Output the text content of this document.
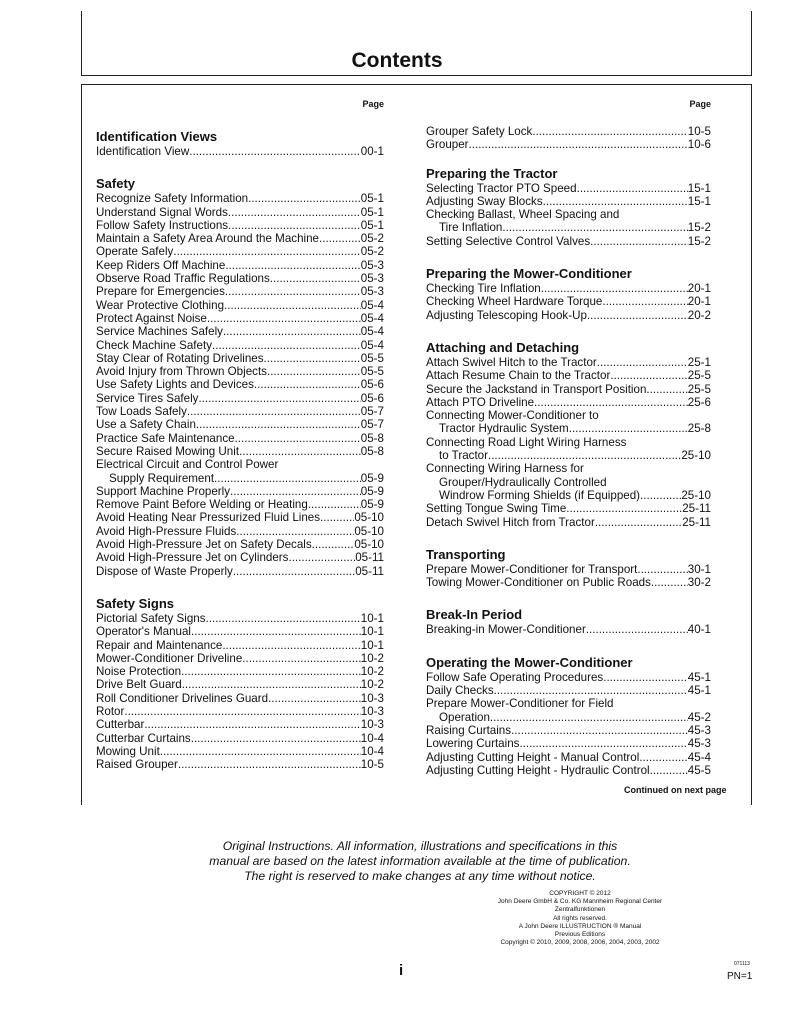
Contents
Page
Identification Views
Identification View .....	00-1
Safety
Recognize Safety Information .....	05-1
Understand Signal Words .....	05-1
Follow Safety Instructions .....	05-1
Maintain a Safety Area Around the Machine .....	05-2
Operate Safely .....	05-2
Keep Riders Off Machine .....	05-3
Observe Road Traffic Regulations .....	05-3
Prepare for Emergencies .....	05-3
Wear Protective Clothing .....	05-4
Protect Against Noise .....	05-4
Service Machines Safely .....	05-4
Check Machine Safety .....	05-4
Stay Clear of Rotating Drivelines .....	05-5
Avoid Injury from Thrown Objects .....	05-5
Use Safety Lights and Devices .....	05-6
Service Tires Safely .....	05-6
Tow Loads Safely .....	05-7
Use a Safety Chain .....	05-7
Practice Safe Maintenance .....	05-8
Secure Raised Mowing Unit .....	05-8
Electrical Circuit and Control Power
Supply Requirement .....	05-9
Support Machine Properly .....	05-9
Remove Paint Before Welding or Heating .....	05-9
Avoid Heating Near Pressurized Fluid Lines .....	05-10
Avoid High-Pressure Fluids .....	05-10
Avoid High-Pressure Jet on Safety Decals .....	05-10
Avoid High-Pressure Jet on Cylinders .....	05-11
Dispose of Waste Properly .....	05-11
Safety Signs
Pictorial Safety Signs .....	10-1
Operator's Manual .....	10-1
Repair and Maintenance .....	10-1
Mower-Conditioner Driveline .....	10-2
Noise Protection .....	10-2
Drive Belt Guard .....	10-2
Roll Conditioner Drivelines Guard .....	10-3
Rotor .....	10-3
Cutterbar .....	10-3
Cutterbar Curtains .....	10-4
Mowing Unit .....	10-4
Raised Grouper .....	10-5
Page
Grouper Safety Lock .....	10-5
Grouper .....	10-6
Preparing the Tractor
Selecting Tractor PTO Speed .....	15-1
Adjusting Sway Blocks .....	15-1
Checking Ballast, Wheel Spacing and
Tire Inflation .....	15-2
Setting Selective Control Valves .....	15-2
Preparing the Mower-Conditioner
Checking Tire Inflation .....	20-1
Checking Wheel Hardware Torque .....	20-1
Adjusting Telescoping Hook-Up .....	20-2
Attaching and Detaching
Attach Swivel Hitch to the Tractor .....	25-1
Attach Resume Chain to the Tractor .....	25-5
Secure the Jackstand in Transport Position .....	25-5
Attach PTO Driveline .....	25-6
Connecting Mower-Conditioner to
Tractor Hydraulic System .....	25-8
Connecting Road Light Wiring Harness
to Tractor .....	25-10
Connecting Wiring Harness for
Grouper/Hydraulically Controlled
Windrow Forming Shields (if Equipped) .....	25-10
Setting Tongue Swing Time .....	25-11
Detach Swivel Hitch from Tractor .....	25-11
Transporting
Prepare Mower-Conditioner for Transport .....	30-1
Towing Mower-Conditioner on Public Roads .....	30-2
Break-In Period
Breaking-in Mower-Conditioner .....	40-1
Operating the Mower-Conditioner
Follow Safe Operating Procedures .....	45-1
Daily Checks .....	45-1
Prepare Mower-Conditioner for Field
Operation .....	45-2
Raising Curtains .....	45-3
Lowering Curtains .....	45-3
Adjusting Cutting Height - Manual Control .....	45-4
Adjusting Cutting Height - Hydraulic Control .....	45-5
Continued on next page
Original Instructions. All information, illustrations and specifications in this
manual are based on the latest information available at the time of publication.
The right is reserved to make changes at any time without notice.
COPYRIGHT © 2012
John Deere GmbH & Co. KG Mannheim Regional Center
Zentralfunktionen
All rights reserved.
A John Deere ILLUSTRUCTION ® Manual
Previous Editions
Copyright © 2010, 2009, 2008, 2006, 2004, 2003, 2002
i	071113
PN=1
